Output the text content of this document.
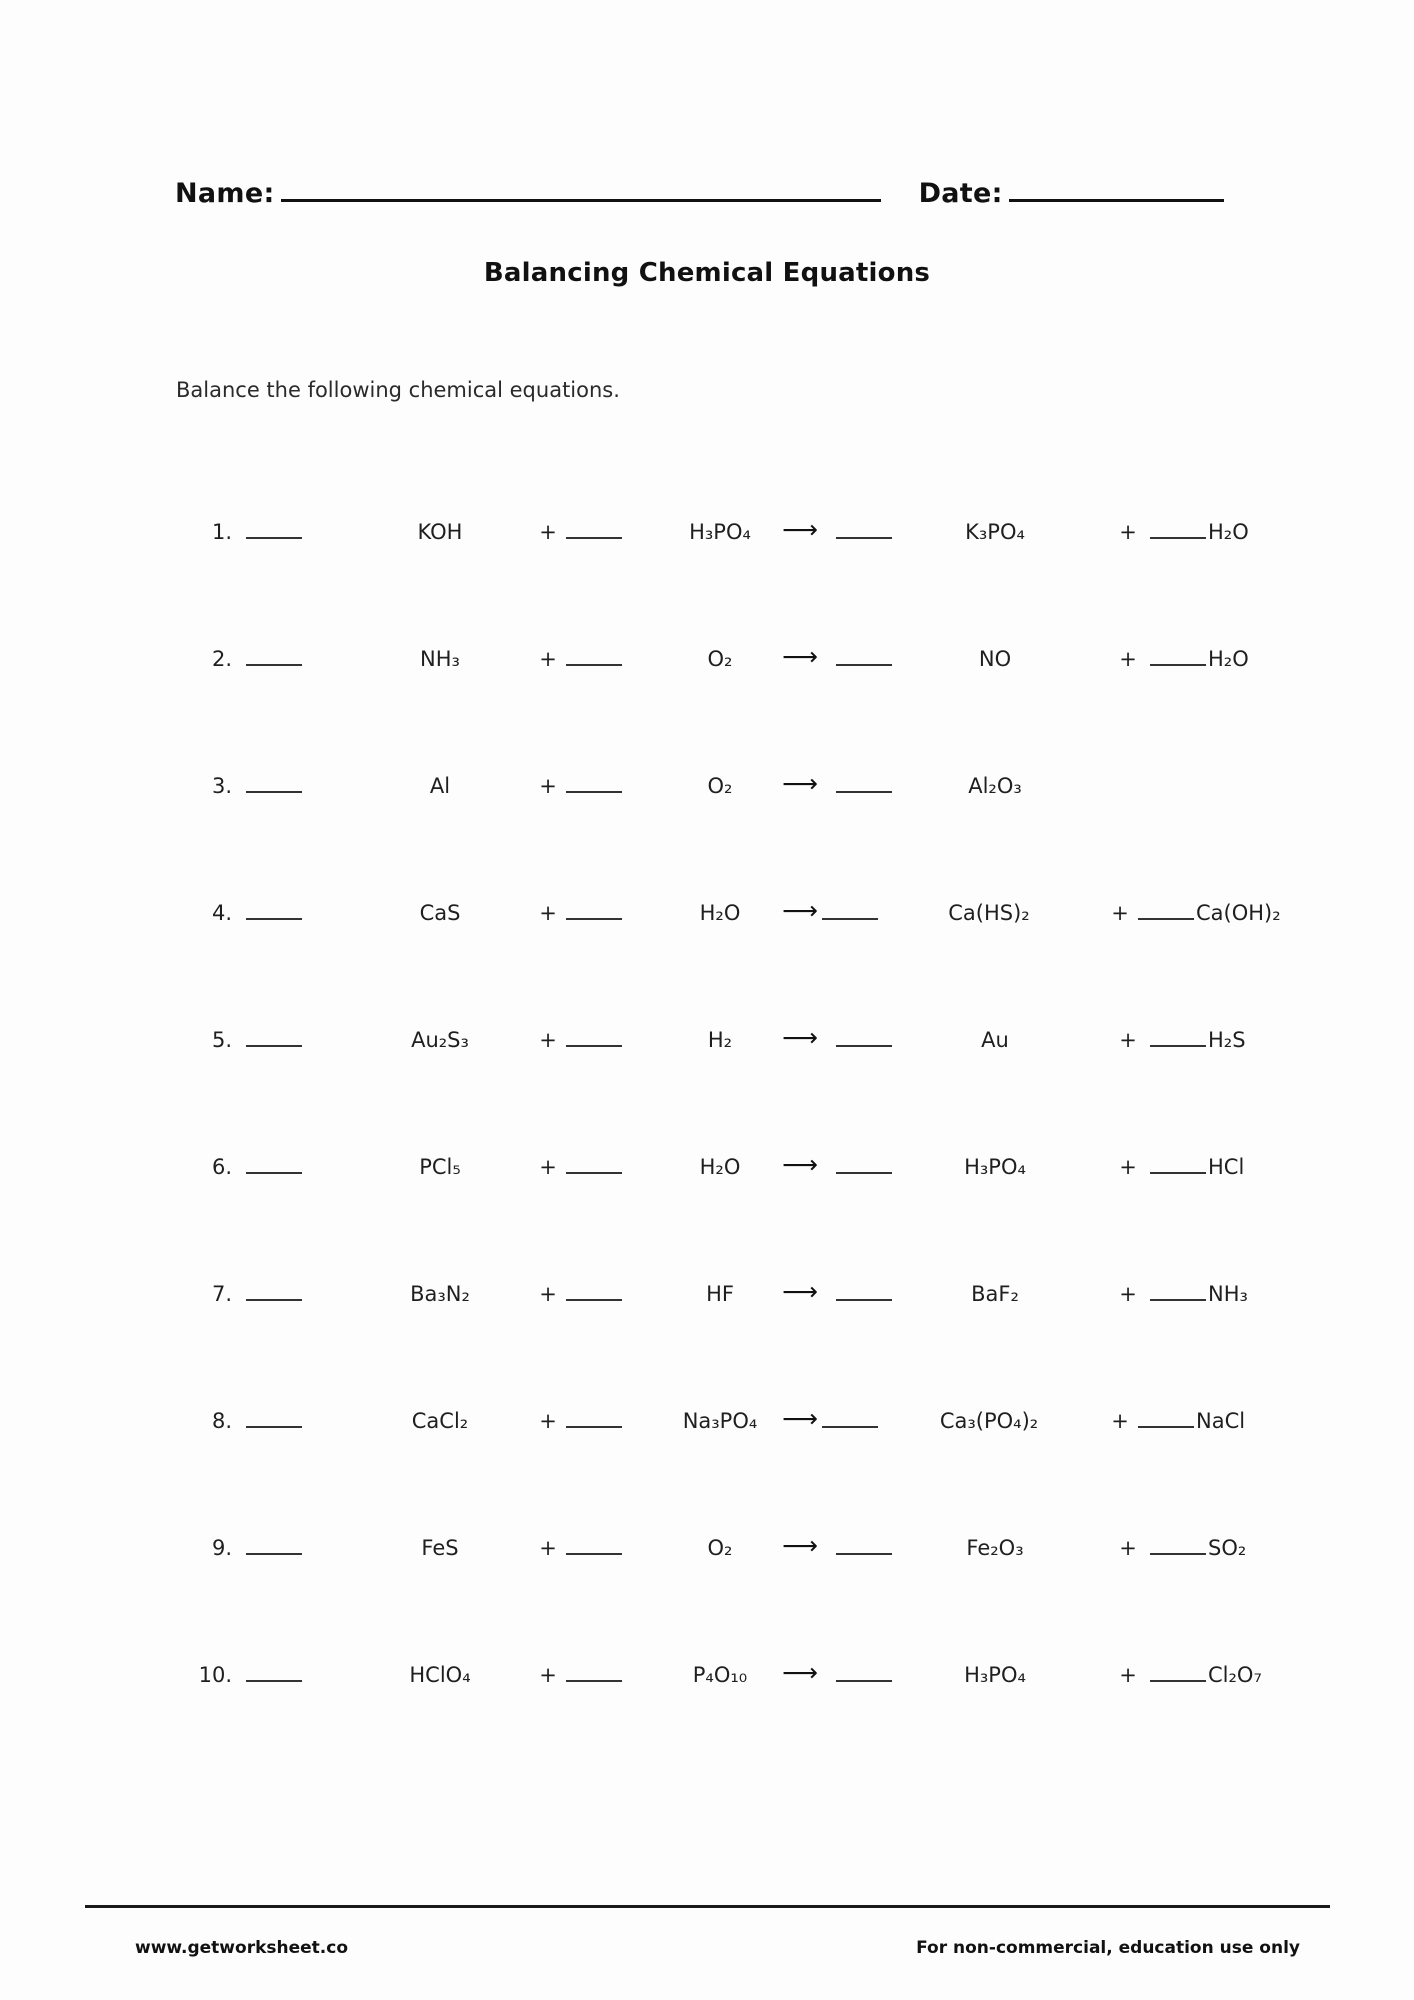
Name:	Date:
Balancing Chemical Equations
Balance the following chemical equations.
1.	KOH	+	H₃PO₄	⟶	K₃PO₄	+	H₂O
2.	NH₃	+	O₂	⟶	NO	+	H₂O
3.	Al	+	O₂	⟶	Al₂O₃
4.	CaS	+	H₂O	⟶	Ca(HS)₂	+	Ca(OH)₂
5.	Au₂S₃	+	H₂	⟶	Au	+	H₂S
6.	PCl₅	+	H₂O	⟶	H₃PO₄	+	HCl
7.	Ba₃N₂	+	HF	⟶	BaF₂	+	NH₃
8.	CaCl₂	+	Na₃PO₄ ⟶	Ca₃(PO₄)₂	+	NaCl
9.	FeS	+	O₂	⟶	Fe₂O₃	+	SO₂
10.	HClO₄	+	P₄O₁₀	⟶	H₃PO₄	+	Cl₂O₇
www.getworksheet.co	For non-commercial, education use only
